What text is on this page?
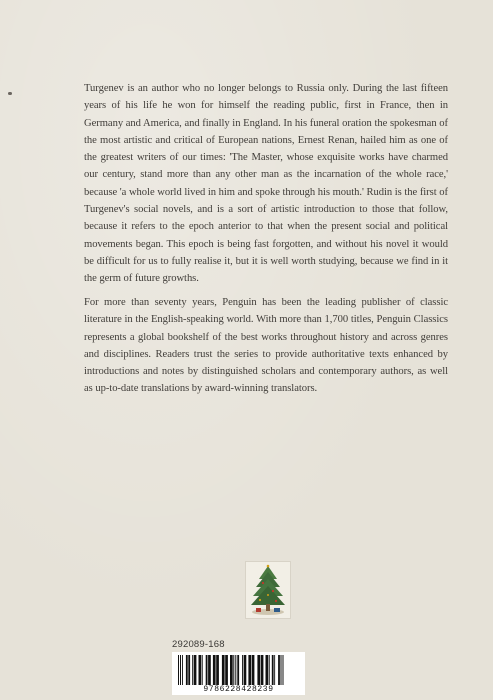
Turgenev is an author who no longer belongs to Russia only. During the last fifteen years of his life he won for himself the reading public, first in France, then in Germany and America, and finally in England. In his funeral oration the spokesman of the most artistic and critical of European nations, Ernest Renan, hailed him as one of the greatest writers of our times: 'The Master, whose exquisite works have charmed our century, stand more than any other man as the incarnation of the whole race,' because 'a whole world lived in him and spoke through his mouth.' Rudin is the first of Turgenev's social novels, and is a sort of artistic introduction to those that follow, because it refers to the epoch anterior to that when the present social and political movements began. This epoch is being fast forgotten, and without his novel it would be difficult for us to fully realise it, but it is well worth studying, because we find in it the germ of future growths.

For more than seventy years, Penguin has been the leading publisher of classic literature in the English-speaking world. With more than 1,700 titles, Penguin Classics represents a global bookshelf of the best works throughout history and across genres and disciplines. Readers trust the series to provide authoritative texts enhanced by introductions and notes by distinguished scholars and contemporary authors, as well as up-to-date translations by award-winning translators.

292089-168
9786228428239
